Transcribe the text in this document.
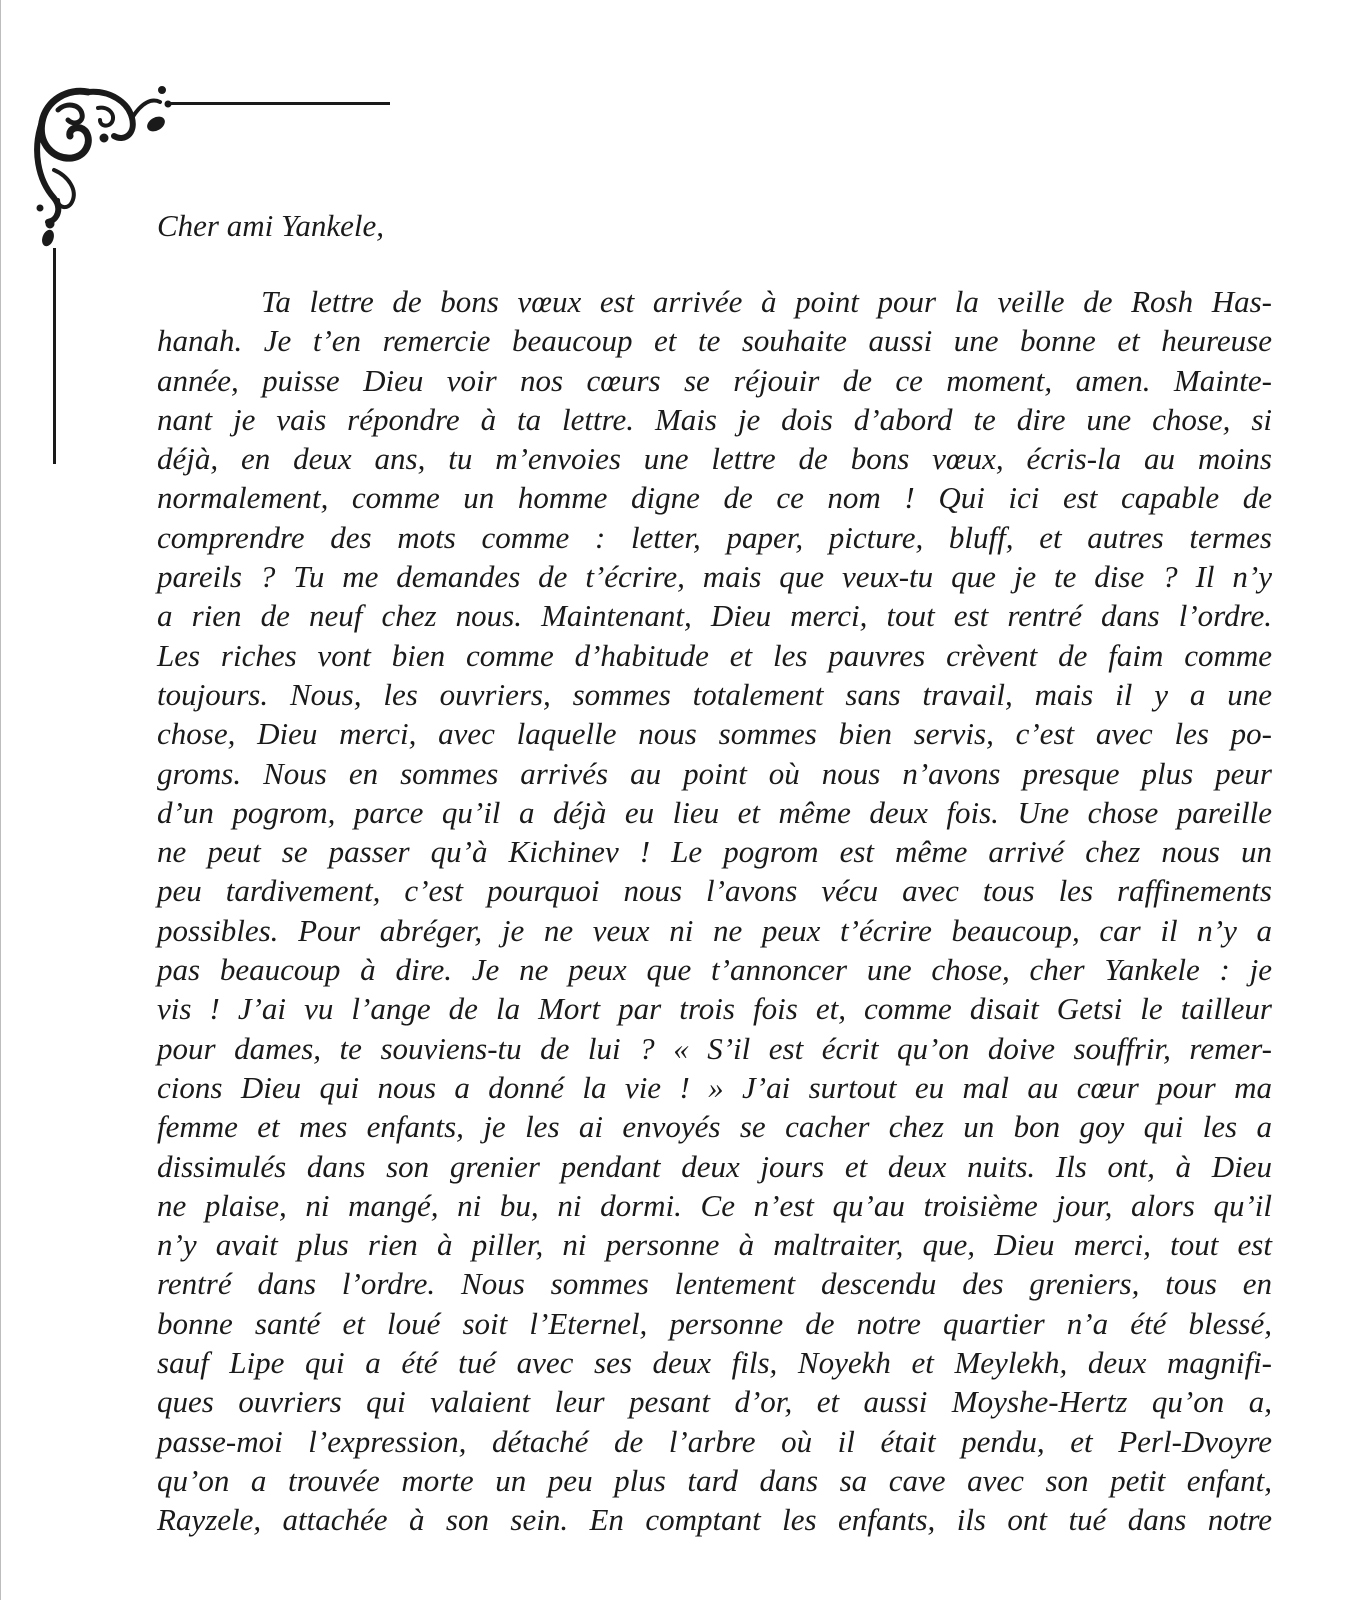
Cher ami Yankele,

Ta lettre de bons vœux est arrivée à point pour la veille de Rosh Has-
hanah. Je t’en remercie beaucoup et te souhaite aussi une bonne et heureuse
année, puisse Dieu voir nos cœurs se réjouir de ce moment, amen. Mainte-
nant je vais répondre à ta lettre. Mais je dois d’abord te dire une chose, si
déjà, en deux ans, tu m’envoies une lettre de bons vœux, écris-la au moins
normalement, comme un homme digne de ce nom ! Qui ici est capable de
comprendre des mots comme : letter, paper, picture, bluff, et autres termes
pareils ? Tu me demandes de t’écrire, mais que veux-tu que je te dise ? Il n’y
a rien de neuf chez nous. Maintenant, Dieu merci, tout est rentré dans l’ordre.
Les riches vont bien comme d’habitude et les pauvres crèvent de faim comme
toujours. Nous, les ouvriers, sommes totalement sans travail, mais il y a une
chose, Dieu merci, avec laquelle nous sommes bien servis, c’est avec les po-
groms. Nous en sommes arrivés au point où nous n’avons presque plus peur
d’un pogrom, parce qu’il a déjà eu lieu et même deux fois. Une chose pareille
ne peut se passer qu’à Kichinev ! Le pogrom est même arrivé chez nous un
peu tardivement, c’est pourquoi nous l’avons vécu avec tous les raffinements
possibles. Pour abréger, je ne veux ni ne peux t’écrire beaucoup, car il n’y a
pas beaucoup à dire. Je ne peux que t’annoncer une chose, cher Yankele : je
vis ! J’ai vu l’ange de la Mort par trois fois et, comme disait Getsi le tailleur
pour dames, te souviens-tu de lui ? « S’il est écrit qu’on doive souffrir, remer-
cions Dieu qui nous a donné la vie ! » J’ai surtout eu mal au cœur pour ma
femme et mes enfants, je les ai envoyés se cacher chez un bon goy qui les a
dissimulés dans son grenier pendant deux jours et deux nuits. Ils ont, à Dieu
ne plaise, ni mangé, ni bu, ni dormi. Ce n’est qu’au troisième jour, alors qu’il
n’y avait plus rien à piller, ni personne à maltraiter, que, Dieu merci, tout est
rentré dans l’ordre. Nous sommes lentement descendu des greniers, tous en
bonne santé et loué soit l’Eternel, personne de notre quartier n’a été blessé,
sauf Lipe qui a été tué avec ses deux fils, Noyekh et Meylekh, deux magnifi-
ques ouvriers qui valaient leur pesant d’or, et aussi Moyshe-Hertz qu’on a,
passe-moi l’expression, détaché de l’arbre où il était pendu, et Perl-Dvoyre
qu’on a trouvée morte un peu plus tard dans sa cave avec son petit enfant,
Rayzele, attachée à son sein. En comptant les enfants, ils ont tué dans notre
